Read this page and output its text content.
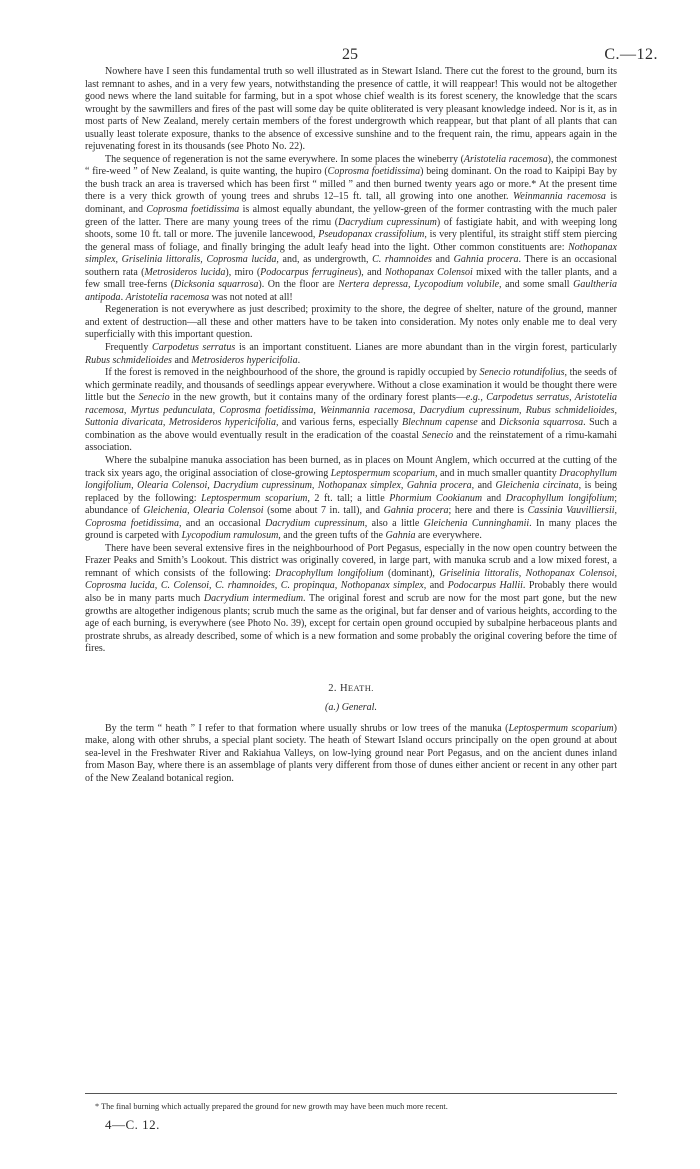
25	C.—12.

Nowhere have I seen this fundamental truth so well illustrated as in Stewart Island. There cut the forest to the ground, burn its last remnant to ashes, and in a very few years, notwithstanding the presence of cattle, it will reappear! This would not be altogether good news where the land suitable for farming, but in a spot whose chief wealth is its forest scenery, the knowledge that the scars wrought by the sawmillers and fires of the past will some day be quite obliterated is very pleasant knowledge indeed. Nor is it, as in most parts of New Zealand, merely certain members of the forest undergrowth which reappear, but that plant of all plants that can usually least tolerate exposure, thanks to the absence of excessive sunshine and to the frequent rain, the rimu, appears again in the rejuvenating forest in its thousands (see Photo No. 22).

The sequence of regeneration is not the same everywhere. In some places the wineberry (Aristotelia racemosa), the commonest “ fire-weed ” of New Zealand, is quite wanting, the hupiro (Coprosma foetidissima) being dominant. On the road to Kaipipi Bay by the bush track an area is traversed which has been first “ milled ” and then burned twenty years ago or more.* At the present time there is a very thick growth of young trees and shrubs 12–15 ft. tall, all growing into one another. Weinmannia racemosa is dominant, and Coprosma foetidissima is almost equally abundant, the yellow-green of the former contrasting with the much paler green of the latter. There are many young trees of the rimu (Dacrydium cupressinum) of fastigiate habit, and with weeping long shoots, some 10 ft. tall or more. The juvenile lancewood, Pseudopanax crassifolium, is very plentiful, its straight stiff stem piercing the general mass of foliage, and finally bringing the adult leafy head into the light. Other common constituents are: Nothopanax simplex, Griselinia littoralis, Coprosma lucida, and, as undergrowth, C. rhamnoides and Gahnia procera. There is an occasional southern rata (Metrosideros lucida), miro (Podocarpus ferrugineus), and Nothopanax Colensoi mixed with the taller plants, and a few small tree-ferns (Dicksonia squarrosa). On the floor are Nertera depressa, Lycopodium volubile, and some small Gaultheria antipoda. Aristotelia racemosa was not noted at all!

Regeneration is not everywhere as just described; proximity to the shore, the degree of shelter, nature of the ground, manner and extent of destruction—all these and other matters have to be taken into consideration. My notes only enable me to deal very superficially with this important question.

Frequently Carpodetus serratus is an important constituent. Lianes are more abundant than in the virgin forest, particularly Rubus schmidelioides and Metrosideros hypericifolia.

If the forest is removed in the neighbourhood of the shore, the ground is rapidly occupied by Senecio rotundifolius, the seeds of which germinate readily, and thousands of seedlings appear everywhere. Without a close examination it would be thought there were little but the Senecio in the new growth, but it contains many of the ordinary forest plants—e.g., Carpodetus serratus, Aristotelia racemosa, Myrtus pedunculata, Coprosma foetidissima, Weinmannia racemosa, Dacrydium cupressinum, Rubus schmidelioides, Suttonia divaricata, Metrosideros hypericifolia, and various ferns, especially Blechnum capense and Dicksonia squarrosa. Such a combination as the above would eventually result in the eradication of the coastal Senecio and the reinstatement of a rimu-kamahi association.

Where the subalpine manuka association has been burned, as in places on Mount Anglem, which occurred at the cutting of the track six years ago, the original association of close-growing Leptospermum scoparium, and in much smaller quantity Dracophyllum longifolium, Olearia Colensoi, Dacrydium cupressinum, Nothopanax simplex, Gahnia procera, and Gleichenia circinata, is being replaced by the following: Leptospermum scoparium, 2 ft. tall; a little Phormium Cookianum and Dracophyllum longifolium; abundance of Gleichenia, Olearia Colensoi (some about 7 in. tall), and Gahnia procera; here and there is Cassinia Vauvilliersii, Coprosma foetidissima, and an occasional Dacrydium cupressinum, also a little Gleichenia Cunninghamii. In many places the ground is carpeted with Lycopodium ramulosum, and the green tufts of the Gahnia are everywhere.

There have been several extensive fires in the neighbourhood of Port Pegasus, especially in the now open country between the Frazer Peaks and Smith’s Lookout. This district was originally covered, in large part, with manuka scrub and a low mixed forest, a remnant of which consists of the following: Dracophyllum longifolium (dominant), Griselinia littoralis, Nothopanax Colensoi, Coprosma lucida, C. Colensoi, C. rhamnoides, C. propinqua, Nothopanax simplex, and Podocarpus Hallii. Probably there would also be in many parts much Dacrydium intermedium. The original forest and scrub are now for the most part gone, but the new growths are altogether indigenous plants; scrub much the same as the original, but far denser and of various heights, according to the age of each burning, is everywhere (see Photo No. 39), except for certain open ground occupied by subalpine herbaceous plants and prostrate shrubs, as already described, some of which is a new formation and some probably the original covering before the time of fires.

2. HEATH.
(a.) General.

By the term “ heath ” I refer to that formation where usually shrubs or low trees of the manuka (Leptospermum scoparium) make, along with other shrubs, a special plant society. The heath of Stewart Island occurs principally on the open ground at about sea-level in the Freshwater River and Rakiahua Valleys, on low-lying ground near Port Pegasus, and on the ancient dunes inland from Mason Bay, where there is an assemblage of plants very different from those of dunes either ancient or recent in any other part of the New Zealand botanical region.

* The final burning which actually prepared the ground for new growth may have been much more recent.
4—C. 12.
